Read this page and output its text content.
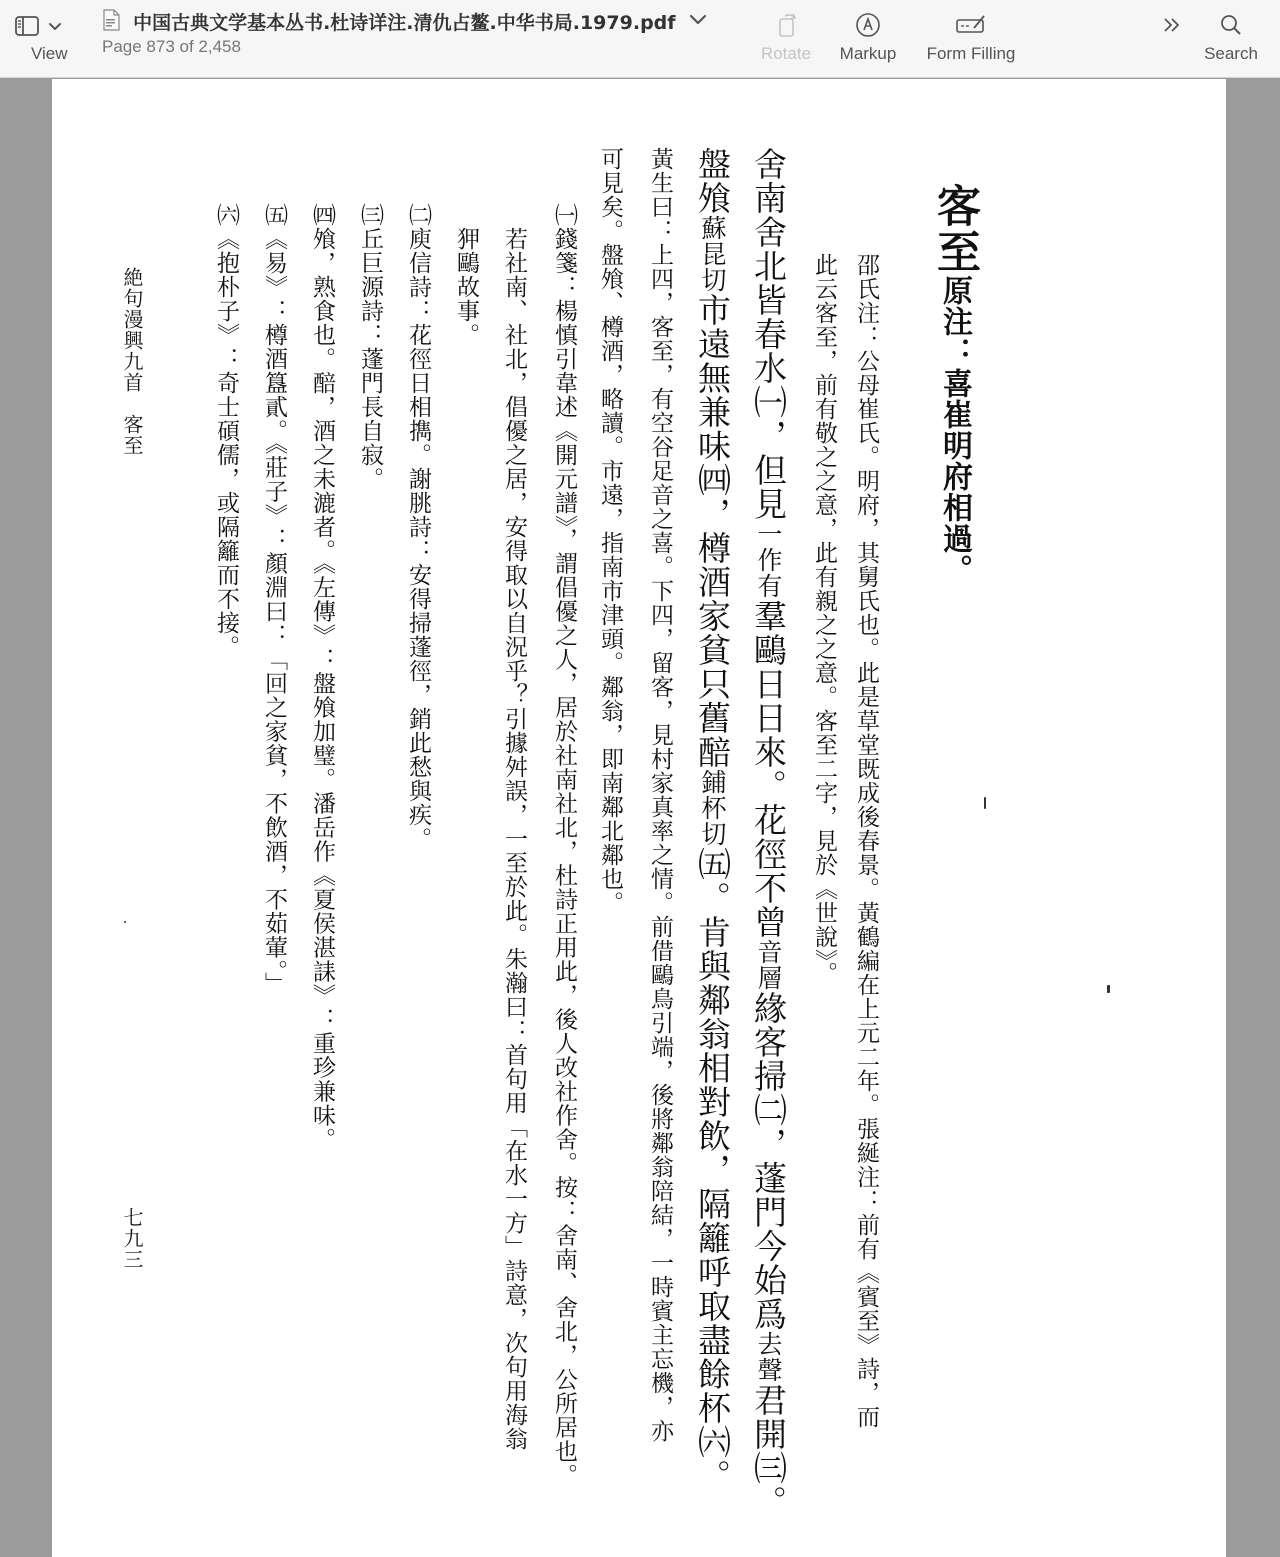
View
中国古典文学基本丛书.杜诗详注.清仇占鳌.中华书局.1979.pdf
Page 873 of 2,458	Rotate	Markup	Form Filling	Search
客至原注：喜崔明府相過。
邵氏注：公母崔氏。明府，其舅氏也。此是草堂既成後春景。黃鶴編在上元二年。張綖注：前有《賓至》詩，而
此云客至，前有敬之之意，此有親之之意。客至二字，見於《世說》。
舍南舍北皆春水㈠，但見一作有羣鷗日日來。花徑不曾音層緣客掃㈡，蓬門今始爲去聲君開㈢。
盤飧蘇昆切市遠無兼味㈣，樽酒家貧只舊醅鋪杯切㈤。肯與鄰翁相對飲，隔籬呼取盡餘杯㈥。
黃生曰：上四，客至，有空谷足音之喜。下四，留客，見村家真率之情。前借鷗鳥引端，後將鄰翁陪結，一時賓主忘機，亦
可見矣。盤飧、樽酒，略讀。市遠，指南市津頭。鄰翁，即南鄰北鄰也。
㈠錢箋：楊慎引韋述《開元譜》，謂倡優之人，居於社南社北，杜詩正用此，後人改社作舍。按：舍南、舍北，公所居也。
若社南、社北，倡優之居，安得取以自況乎？引據舛誤，一至於此。朱瀚曰：首句用「在水一方」詩意，次句用海翁
狎鷗故事。
㈡庾信詩：花徑日相擕。謝朓詩：安得掃蓬徑，銷此愁與疾。
㈢丘巨源詩：蓬門長自寂。
㈣飧，熟食也。醅，酒之未漉者。《左傳》：盤飧加璧。潘岳作《夏侯湛誄》：重珍兼味。
㈤《易》：樽酒簋貳。《莊子》：顏淵曰：「回之家貧，不飲酒，不茹葷。」
㈥《抱朴子》：奇士碩儒，或隔籬而不接。
絶句漫興九首　客至
七九三
